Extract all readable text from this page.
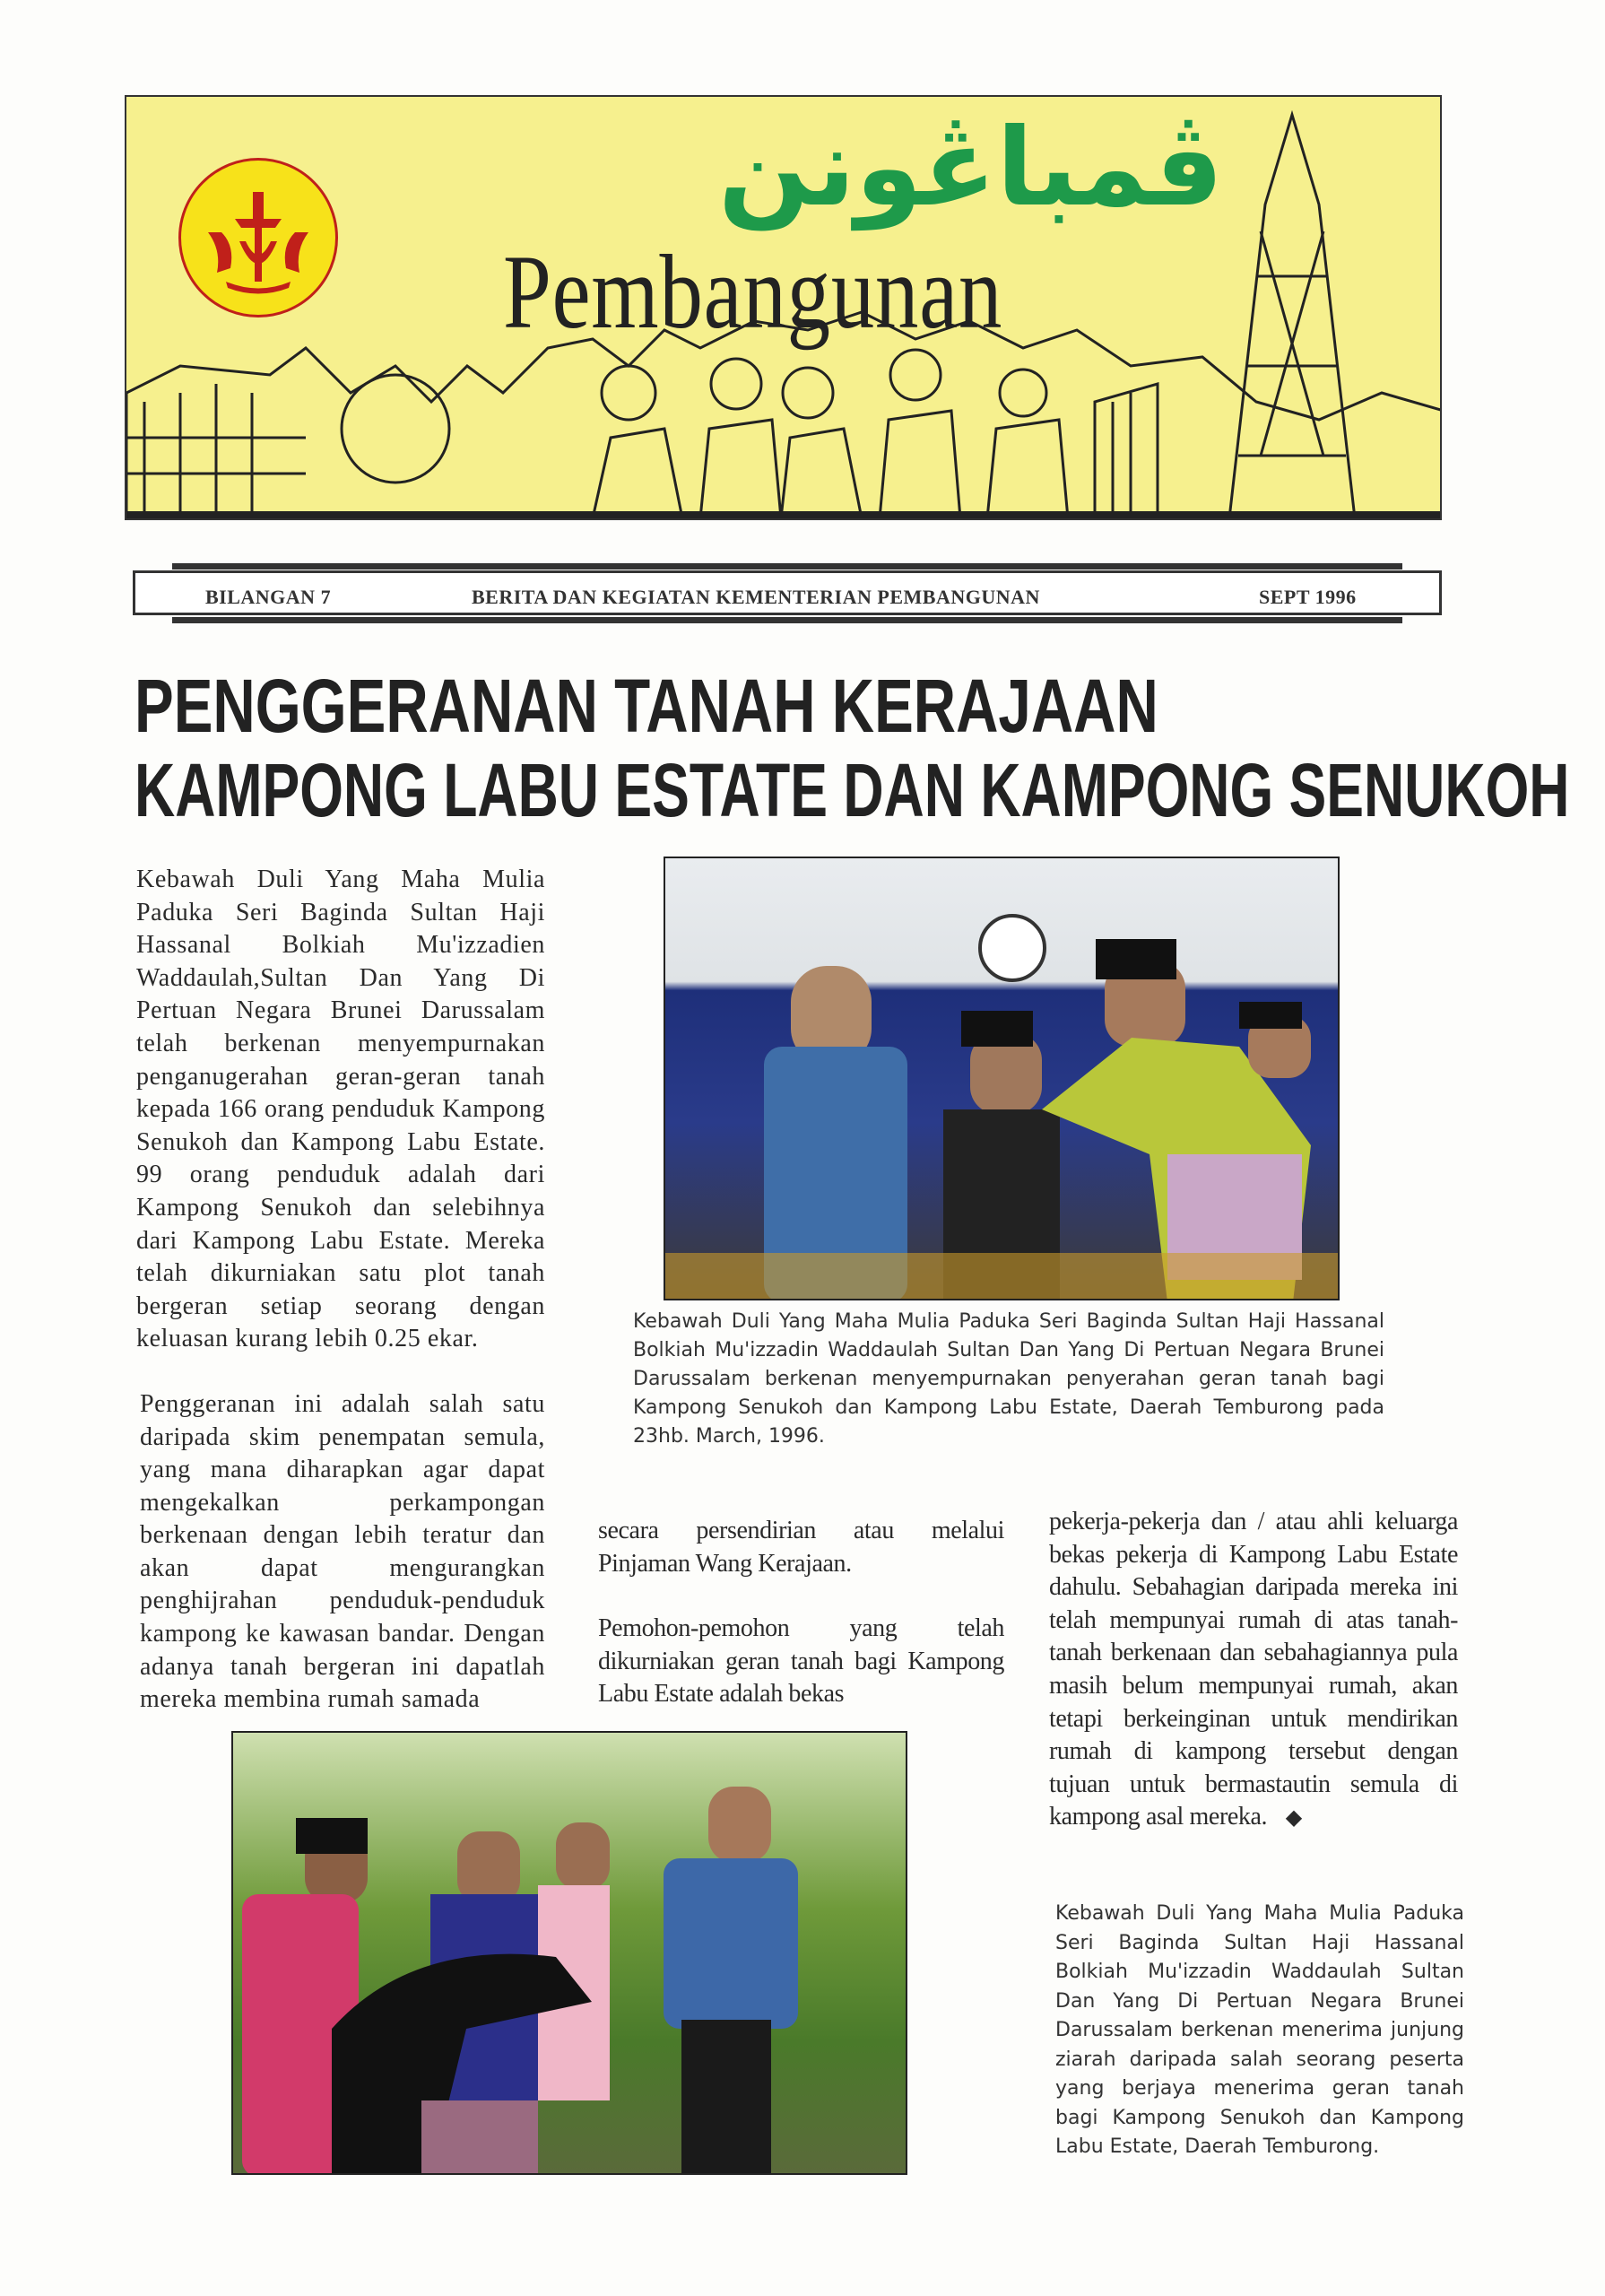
ڤمباڠونن
Pembangunan
BILANGAN 7	BERITA DAN KEGIATAN KEMENTERIAN PEMBANGUNAN	SEPT 1996
PENGGERANAN TANAH KERAJAAN
KAMPONG LABU ESTATE DAN KAMPONG SENUKOH

Kebawah Duli Yang Maha Mulia Paduka Seri Baginda Sultan Haji Hassanal Bolkiah Mu'izzadien Waddaulah,Sultan Dan Yang Di Pertuan Negara Brunei Darussalam telah berkenan menyempurnakan penganugerahan geran-geran tanah kepada 166 orang penduduk Kampong Senukoh dan Kampong Labu Estate. 99 orang penduduk adalah dari Kampong Senukoh dan selebihnya dari Kampong Labu Estate. Mereka telah dikurniakan satu plot tanah bergeran setiap seorang dengan keluasan kurang lebih 0.25 ekar.

Penggeranan ini adalah salah satu daripada skim penempatan semula, yang mana diharapkan agar dapat mengekalkan perkampongan berkenaan dengan lebih teratur dan akan dapat mengurangkan penghijrahan penduduk-penduduk kampong ke kawasan bandar. Dengan adanya tanah bergeran ini dapatlah mereka membina rumah samada

Kebawah Duli Yang Maha Mulia Paduka Seri Baginda Sultan Haji Hassanal Bolkiah Mu'izzadin Waddaulah Sultan Dan Yang Di Pertuan Negara Brunei Darussalam berkenan menyempurnakan penyerahan geran tanah bagi Kampong Senukoh dan Kampong Labu Estate, Daerah Temburong pada 23hb. March, 1996.

secara persendirian atau melalui Pinjaman Wang Kerajaan.

Pemohon-pemohon yang telah dikurniakan geran tanah bagi Kampong Labu Estate adalah bekas

pekerja-pekerja dan / atau ahli keluarga bekas pekerja di Kampong Labu Estate dahulu. Sebahagian daripada mereka ini telah mempunyai rumah di atas tanah-tanah berkenaan dan sebahagiannya pula masih belum mempunyai rumah, akan tetapi berkeinginan untuk mendirikan rumah di kampong tersebut dengan tujuan untuk bermastautin semula di kampong asal mereka. ◆

Kebawah Duli Yang Maha Mulia Paduka Seri Baginda Sultan Haji Hassanal Bolkiah Mu'izzadin Waddaulah Sultan Dan Yang Di Pertuan Negara Brunei Darussalam berkenan menerima junjung ziarah daripada salah seorang peserta yang berjaya menerima geran tanah bagi Kampong Senukoh dan Kampong Labu Estate, Daerah Temburong.
